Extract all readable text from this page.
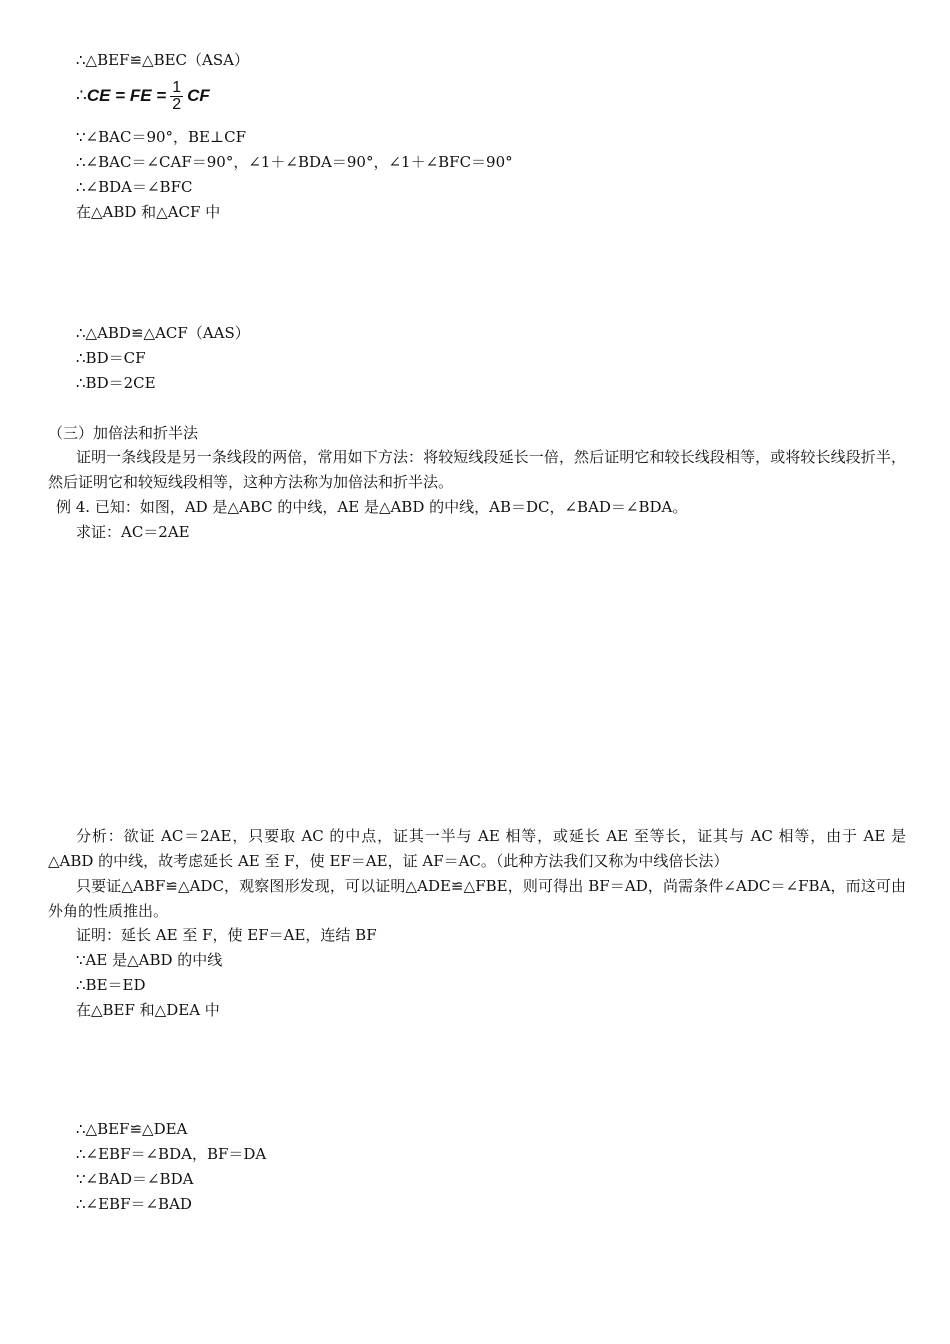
∴△BEF≌△BEC（ASA）
∴ CE = FE = $\frac{1}{2}$ CF
∵∠BAC＝90°，BE⊥CF
∴∠BAC＝∠CAF＝90°，∠1＋∠BDA＝90°，∠1＋∠BFC＝90°
∴∠BDA＝∠BFC
在△ABD 和△ACF 中
∴△ABD≌△ACF（AAS）
∴BD＝CF
∴BD＝2CE
（三）加倍法和折半法
证明一条线段是另一条线段的两倍，常用如下方法：将较短线段延长一倍，然后证明它和较长线段相等，或将较长线段折半，然后证明它和较短线段相等，这种方法称为加倍法和折半法。
例 4. 已知：如图，AD 是△ABC 的中线，AE 是△ABD 的中线，AB＝DC，∠BAD＝∠BDA。
求证：AC＝2AE
分析：欲证 AC＝2AE，只要取 AC 的中点，证其一半与 AE 相等，或延长 AE 至等长，证其与 AC 相等，由于 AE 是△ABD 的中线，故考虑延长 AE 至 F，使 EF＝AE，证 AF＝AC。（此种方法我们又称为中线倍长法）
只要证△ABF≌△ADC，观察图形发现，可以证明△ADE≌△FBE，则可得出 BF＝AD，尚需条件∠ADC＝∠FBA，而这可由外角的性质推出。
证明：延长 AE 至 F，使 EF＝AE，连结 BF
∵AE 是△ABD 的中线
∴BE＝ED
在△BEF 和△DEA 中
∴△BEF≌△DEA
∴∠EBF＝∠BDA，BF＝DA
∵∠BAD＝∠BDA
∴∠EBF＝∠BAD
